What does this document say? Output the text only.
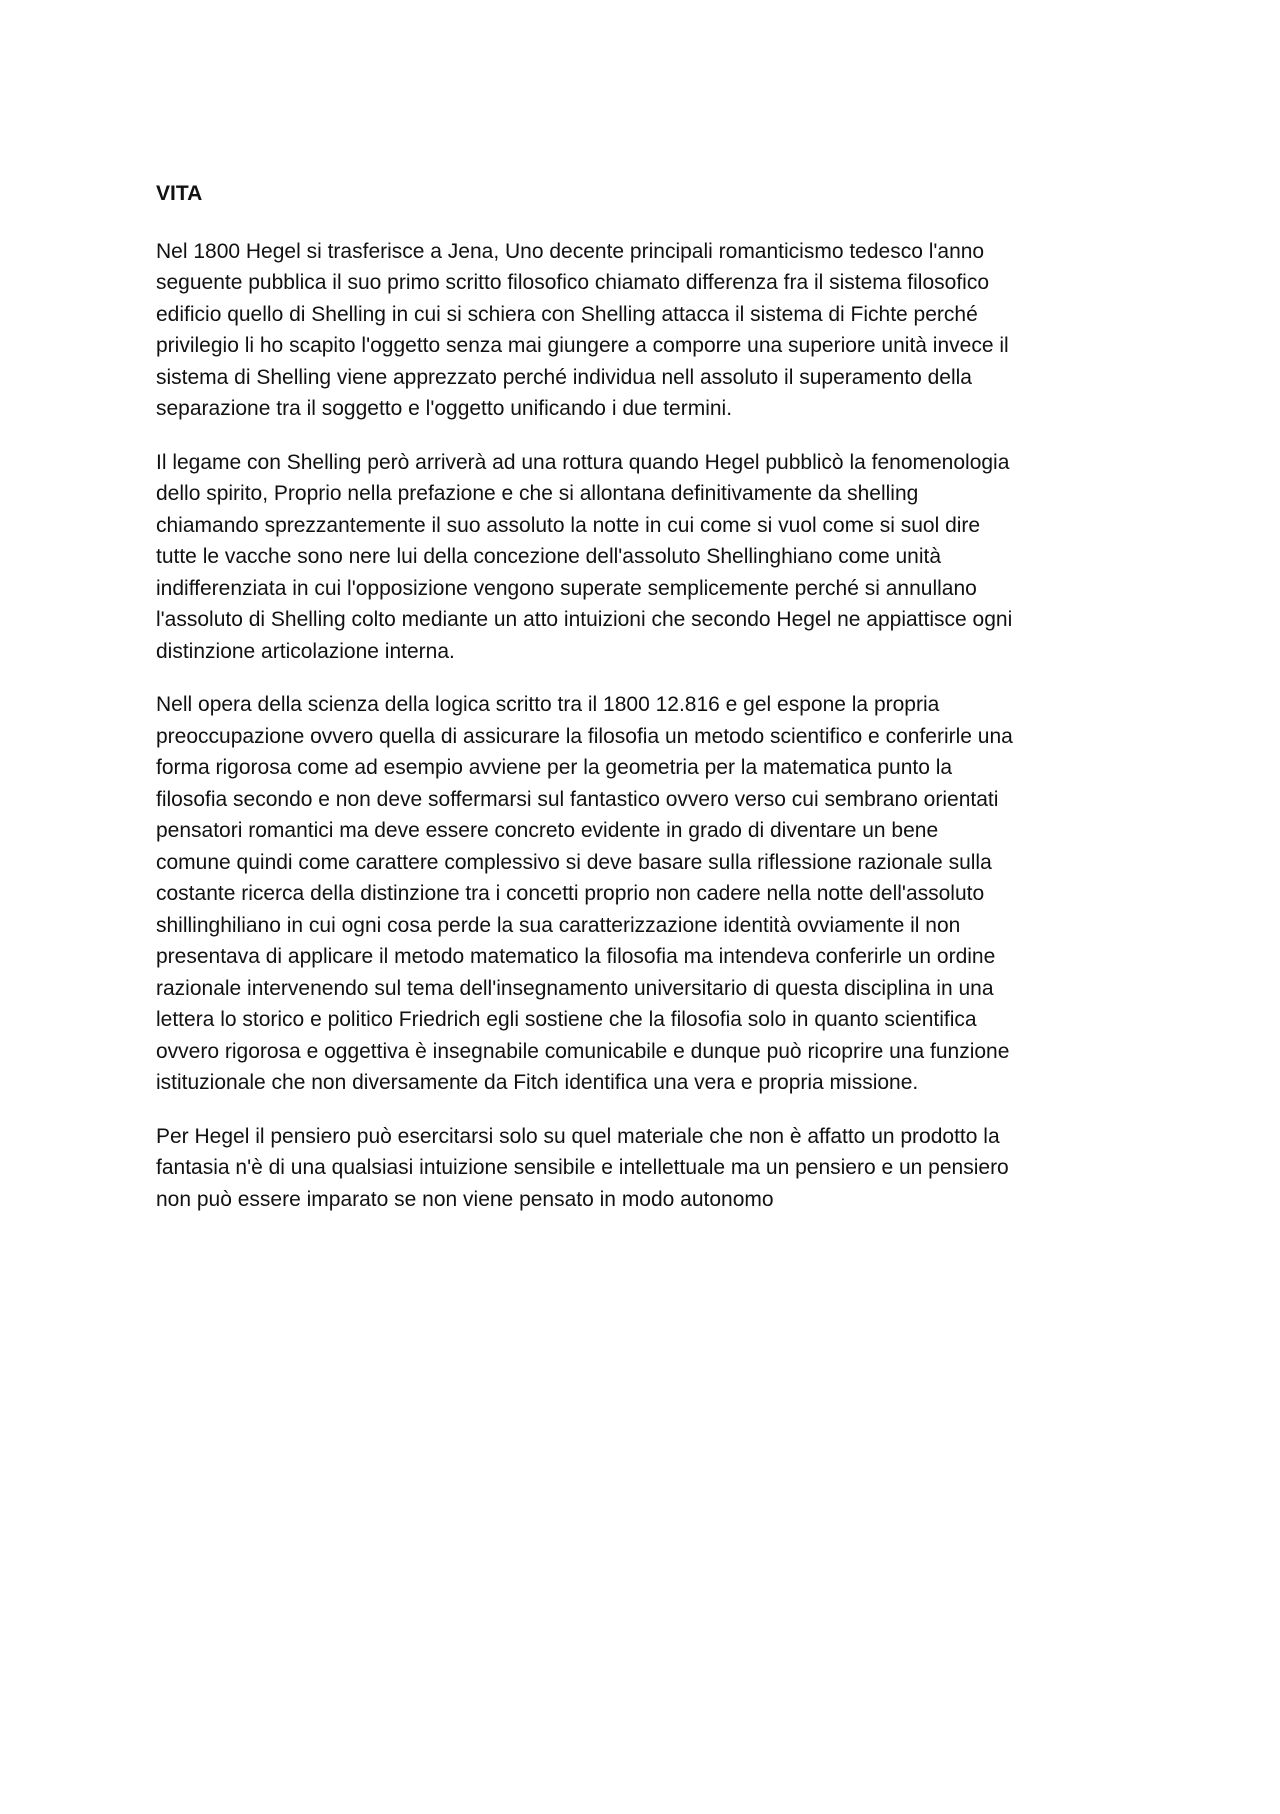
VITA
Nel 1800 Hegel si trasferisce a Jena, Uno decente principali romanticismo tedesco l'anno
seguente pubblica il suo primo scritto filosofico chiamato differenza fra il sistema filosofico
edificio quello di Shelling in cui si schiera con Shelling attacca il sistema di Fichte perché
privilegio li ho scapito l'oggetto senza mai giungere a comporre una superiore unità invece il
sistema di Shelling viene apprezzato perché individua nell assoluto il superamento della
separazione tra il soggetto e l'oggetto unificando i due termini.
Il legame con Shelling però arriverà ad una rottura quando Hegel pubblicò la fenomenologia
dello spirito, Proprio nella prefazione e che si allontana definitivamente da shelling
chiamando sprezzantemente il suo assoluto la notte in cui come si vuol come si suol dire
tutte le vacche sono nere lui della concezione dell'assoluto Shellinghiano come unità
indifferenziata in cui l'opposizione vengono superate semplicemente perché si annullano
l'assoluto di Shelling colto mediante un atto intuizioni che secondo Hegel ne appiattisce ogni
distinzione articolazione interna.
Nell opera della scienza della logica scritto tra il 1800 12.816 e gel espone la propria
preoccupazione ovvero quella di assicurare la filosofia un metodo scientifico e conferirle una
forma rigorosa come ad esempio avviene per la geometria per la matematica punto la
filosofia secondo e non deve soffermarsi sul fantastico ovvero verso cui sembrano orientati
pensatori romantici ma deve essere concreto evidente in grado di diventare un bene
comune quindi come carattere complessivo si deve basare sulla riflessione razionale sulla
costante ricerca della distinzione tra i concetti proprio non cadere nella notte dell'assoluto
shillinghiliano in cui ogni cosa perde la sua caratterizzazione identità ovviamente il non
presentava di applicare il metodo matematico la filosofia ma intendeva conferirle un ordine
razionale intervenendo sul tema dell'insegnamento universitario di questa disciplina in una
lettera lo storico e politico Friedrich egli sostiene che la filosofia solo in quanto scientifica
ovvero rigorosa e oggettiva è insegnabile comunicabile e dunque può ricoprire una funzione
istituzionale che non diversamente da Fitch identifica una vera e propria missione.
Per Hegel il pensiero può esercitarsi solo su quel materiale che non è affatto un prodotto la
fantasia n'è di una qualsiasi intuizione sensibile e intellettuale ma un pensiero e un pensiero
non può essere imparato se non viene pensato in modo autonomo
